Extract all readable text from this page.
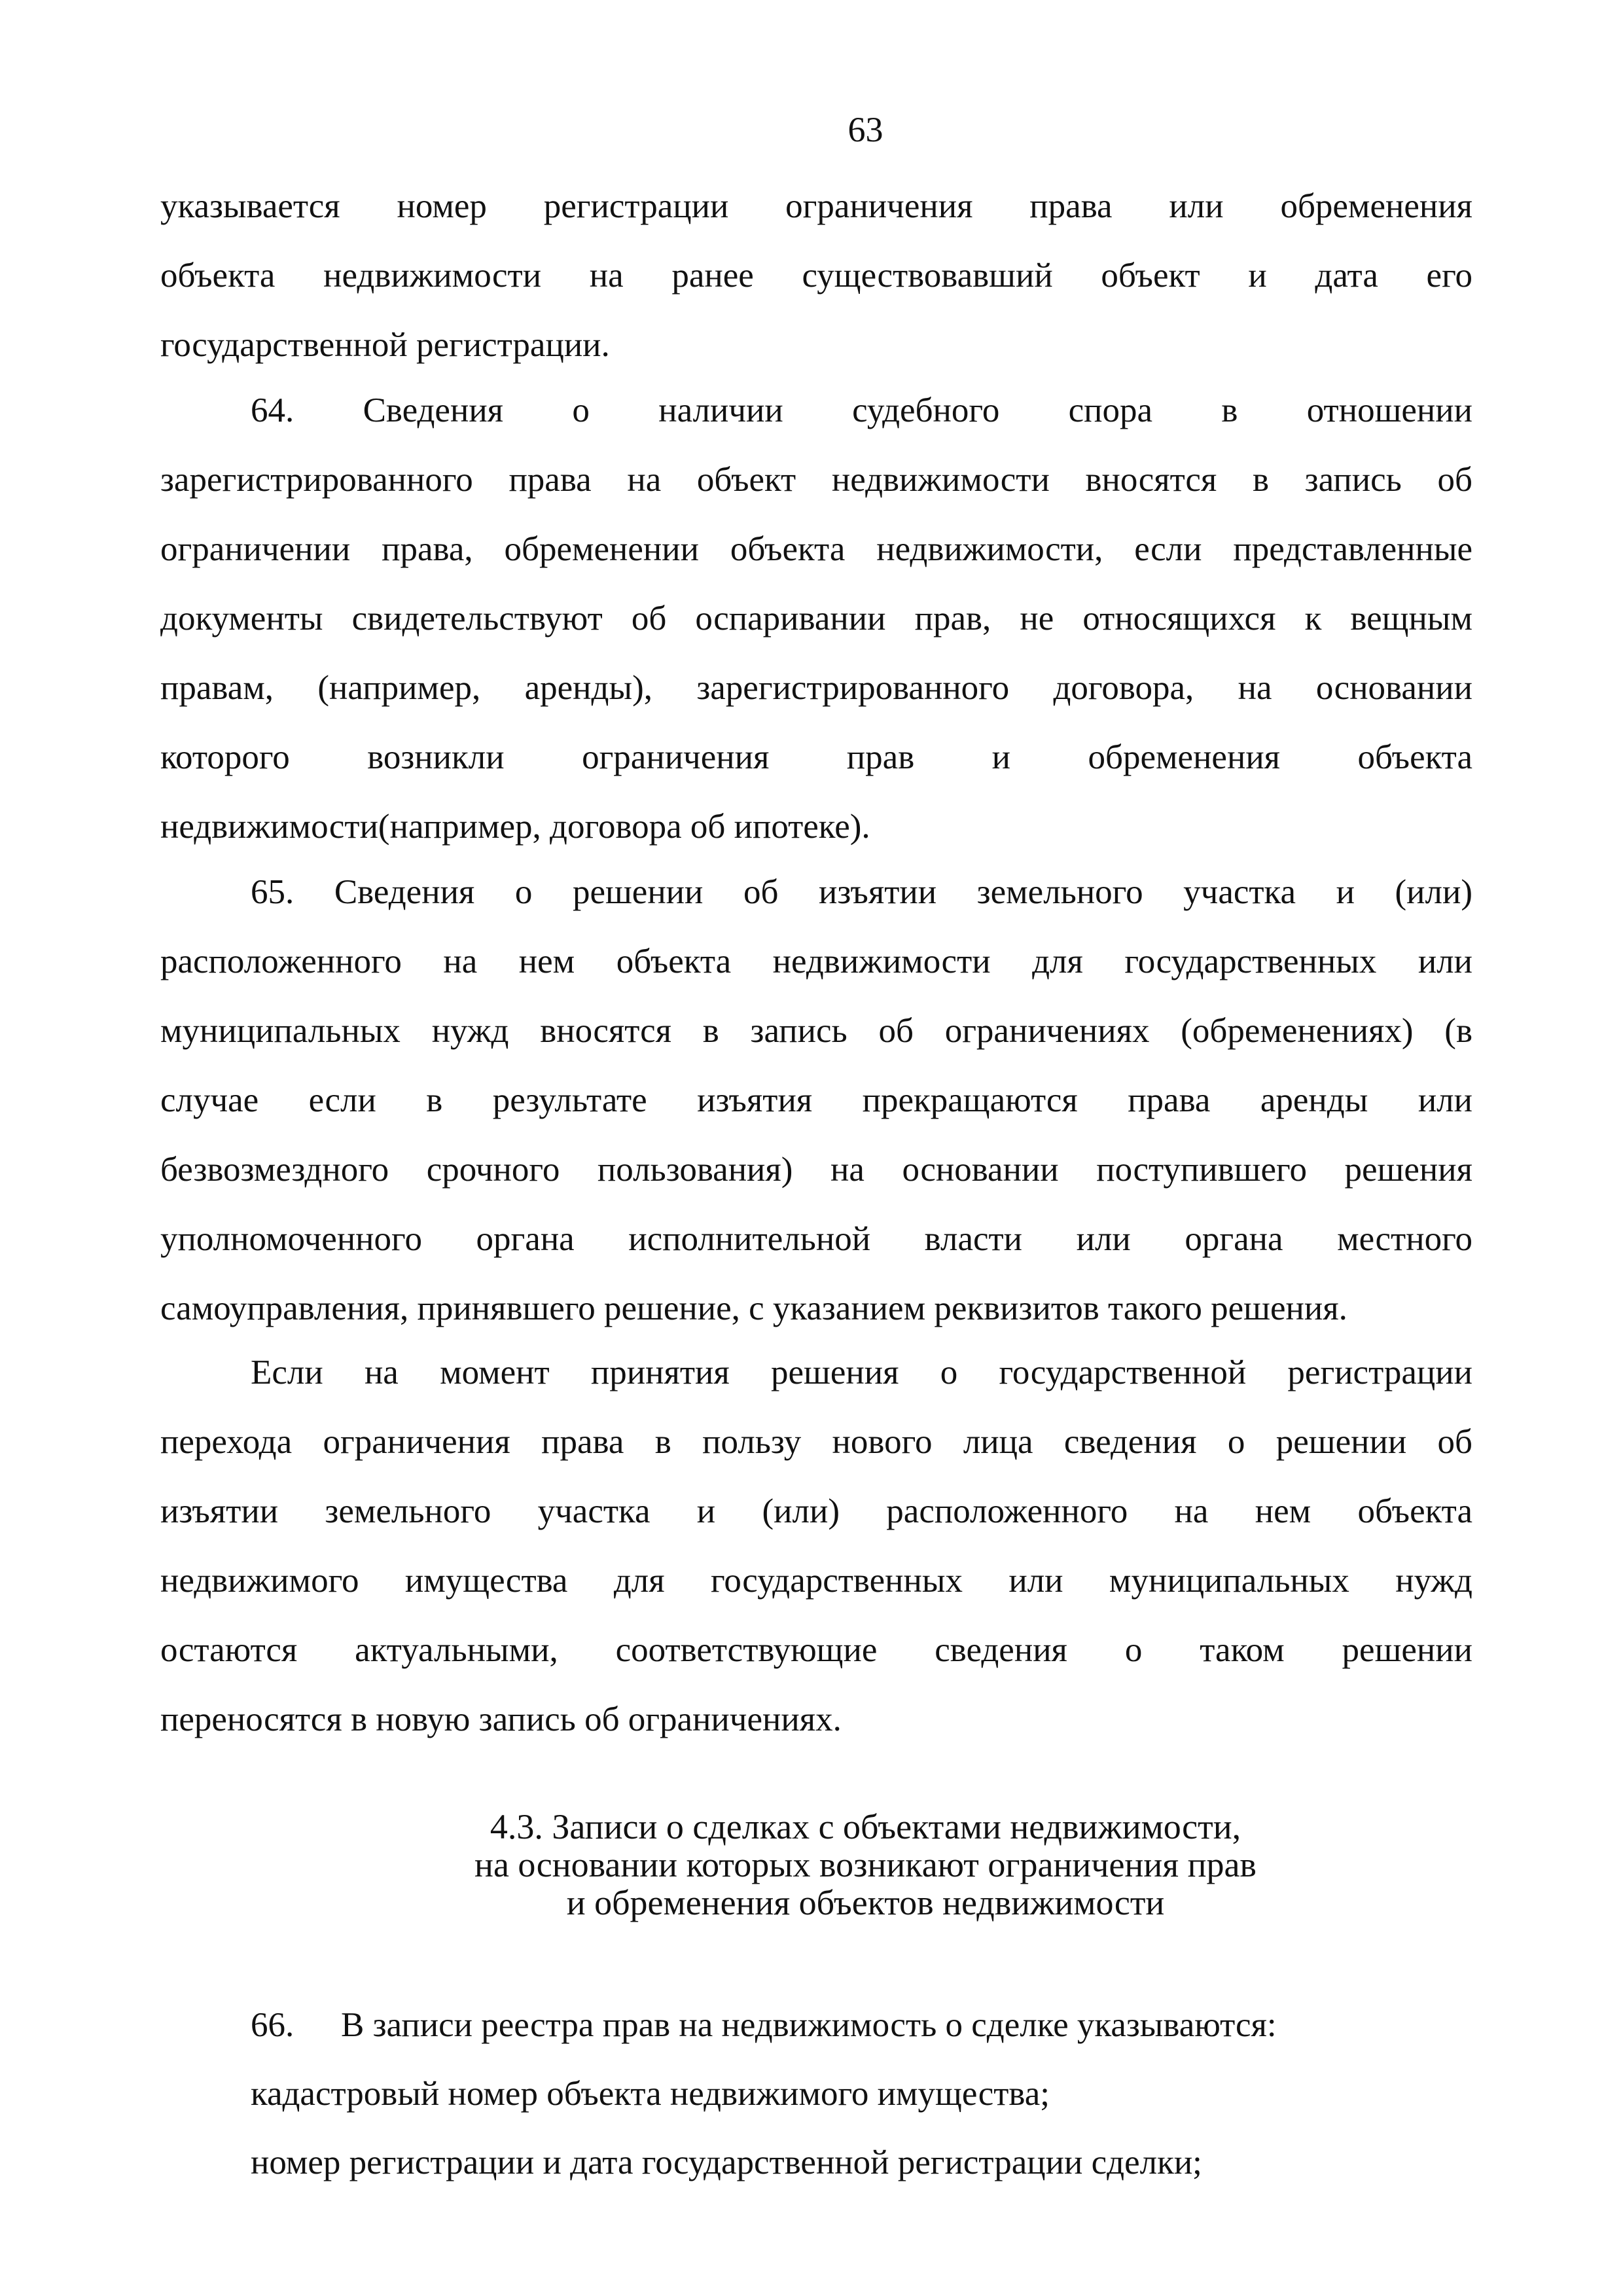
63
указывается номер регистрации ограничения права или обременения
объекта недвижимости на ранее существовавший объект и дата его
государственной регистрации.
64. Сведения о наличии судебного спора в отношении
зарегистрированного права на объект недвижимости вносятся в запись об
ограничении права, обременении объекта недвижимости, если представленные
документы свидетельствуют об оспаривании прав, не относящихся к вещным
правам, (например, аренды), зарегистрированного договора, на основании
которого возникли ограничения прав и обременения объекта
недвижимости(например, договора об ипотеке).
65. Сведения о решении об изъятии земельного участка и (или)
расположенного на нем объекта недвижимости для государственных или
муниципальных нужд вносятся в запись об ограничениях (обременениях) (в
случае если в результате изъятия прекращаются права аренды или
безвозмездного срочного пользования) на основании поступившего решения
уполномоченного органа исполнительной власти или органа местного
самоуправления, принявшего решение, с указанием реквизитов такого решения.
Если на момент принятия решения о государственной регистрации
перехода ограничения права в пользу нового лица сведения о решении об
изъятии земельного участка и (или) расположенного на нем объекта
недвижимого имущества для государственных или муниципальных нужд
остаются актуальными, соответствующие сведения о таком решении
переносятся в новую запись об ограничениях.
4.3. Записи о сделках с объектами недвижимости,
на основании которых возникают ограничения прав
и обременения объектов недвижимости
66. В записи реестра прав на недвижимость о сделке указываются:
кадастровый номер объекта недвижимого имущества;
номер регистрации и дата государственной регистрации сделки;
